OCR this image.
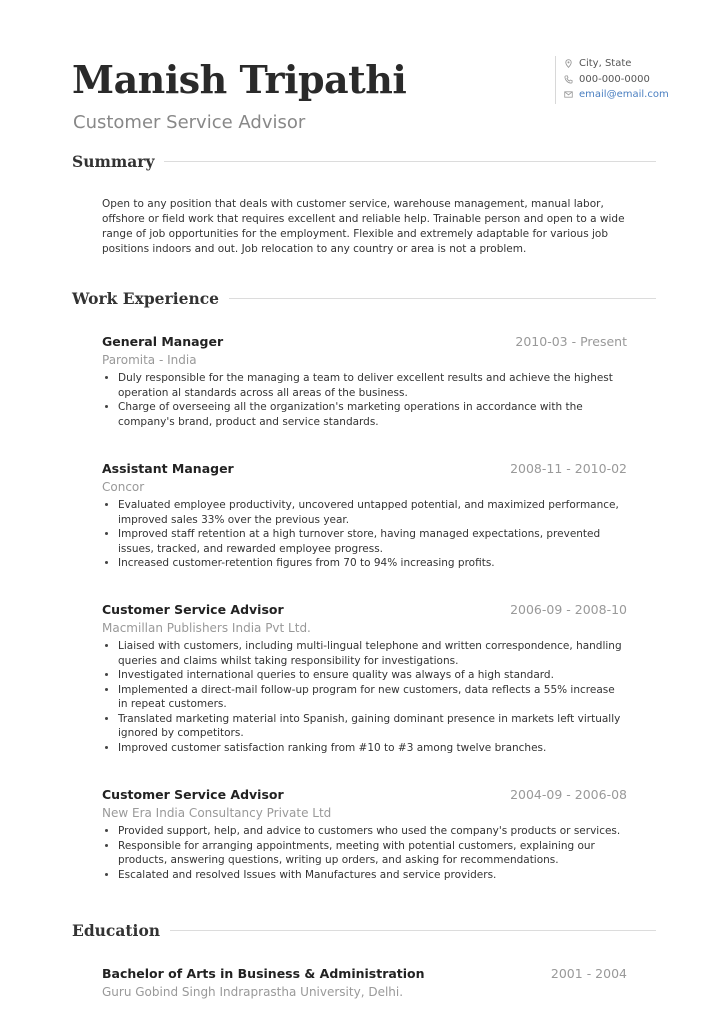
Manish Tripathi
Customer Service Advisor
City, State
000-000-0000
email@email.com
Summary

Open to any position that deals with customer service, warehouse management, manual labor, offshore or field work that requires excellent and reliable help. Trainable person and open to a wide range of job opportunities for the employment. Flexible and extremely adaptable for various job positions indoors and out. Job relocation to any country or area is not a problem.

Work Experience
General Manager	2010-03 - Present
Paromita - India
• Duly responsible for the managing a team to deliver excellent results and achieve the highest operation al standards across all areas of the business.
• Charge of overseeing all the organization's marketing operations in accordance with the company's brand, product and service standards.
Assistant Manager	2008-11 - 2010-02
Concor
• Evaluated employee productivity, uncovered untapped potential, and maximized performance, improved sales 33% over the previous year.
• Improved staff retention at a high turnover store, having managed expectations, prevented issues, tracked, and rewarded employee progress.
• Increased customer-retention figures from 70 to 94% increasing profits.
Customer Service Advisor	2006-09 - 2008-10
Macmillan Publishers India Pvt Ltd.
• Liaised with customers, including multi-lingual telephone and written correspondence, handling queries and claims whilst taking responsibility for investigations.
• Investigated international queries to ensure quality was always of a high standard.
• Implemented a direct-mail follow-up program for new customers, data reflects a 55% increase in repeat customers.
• Translated marketing material into Spanish, gaining dominant presence in markets left virtually ignored by competitors.
• Improved customer satisfaction ranking from #10 to #3 among twelve branches.
Customer Service Advisor	2004-09 - 2006-08
New Era India Consultancy Private Ltd
• Provided support, help, and advice to customers who used the company's products or services.
• Responsible for arranging appointments, meeting with potential customers, explaining our products, answering questions, writing up orders, and asking for recommendations.
• Escalated and resolved Issues with Manufactures and service providers.
Education
Bachelor of Arts in Business & Administration	2001 - 2004
Guru Gobind Singh Indraprastha University, Delhi.
